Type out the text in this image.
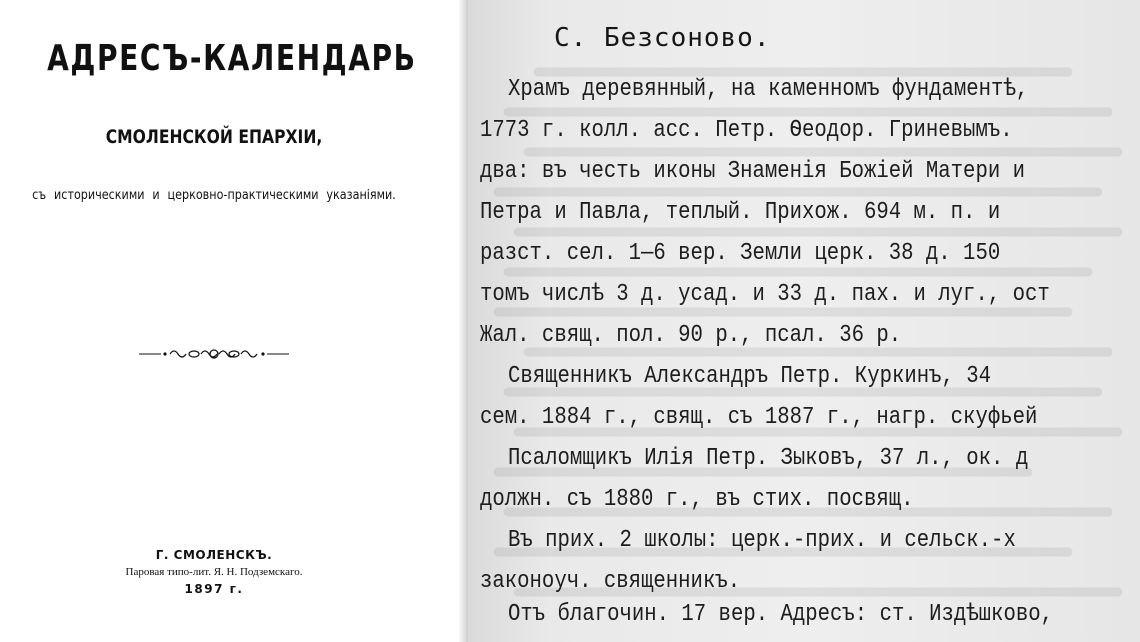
АДРЕСЪ-КАЛЕНДАРЬ
СМОЛЕНСКОЙ ЕПАРХІИ,
съ историческими и церковно-практическими указаніями.
Г. СМОЛЕНСКЪ.
Паровая типо-лит. Я. Н. Подземскаго.
1897 г.
С. Безсоново.
Храмъ деревянный, на каменномъ фундаментѣ,
1773 г. колл. асс. Петр. Ѳеодор. Гриневымъ.
два: въ честь иконы Знаменія Божіей Матери и
Петра и Павла, теплый. Прихож. 694 м. п. и
разст. сел. 1—6 вер. Земли церк. 38 д. 150
томъ числѣ 3 д. усад. и 33 д. пах. и луг., ост
Жал. свящ. пол. 90 р., псал. 36 р.
Священникъ Александръ Петр. Куркинъ, 34
сем. 1884 г., свящ. съ 1887 г., нагр. скуфьей
Псаломщикъ Илія Петр. Зыковъ, 37 л., ок. д
должн. съ 1880 г., въ стих. посвящ.
Въ прих. 2 школы: церк.-прих. и сельск.-х
законоуч. священникъ.
Отъ благочин. 17 вер. Адресъ: ст. Издѣшково,
